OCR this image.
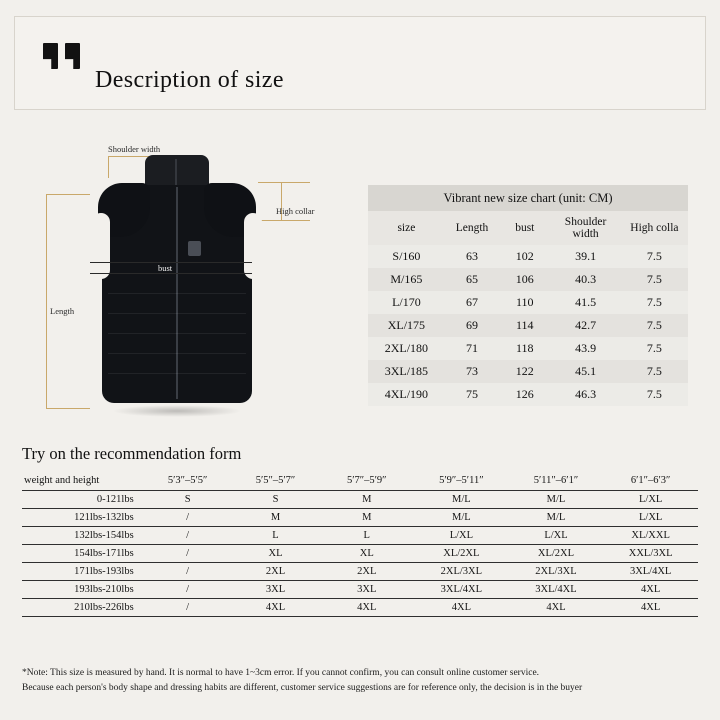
Description of size
Shoulder width
High collar
Length
bust
Vibrant new size chart (unit: CM)
size	Length	bust	Shoulder width	High colla
S/160	63	102	39.1	7.5
M/165	65	106	40.3	7.5
L/170	67	110	41.5	7.5
XL/175	69	114	42.7	7.5
2XL/180	71	118	43.9	7.5
3XL/185	73	122	45.1	7.5
4XL/190	75	126	46.3	7.5
Try on the recommendation form
weight and height	5′3″–5′5″	5′5″–5′7″	5′7″–5′9″	5′9″–5′11″	5′11″–6′1″	6′1″–6′3″
0-121lbs	S	S	M	M/L	M/L	L/XL
121lbs-132lbs	/	M	M	M/L	M/L	L/XL
132lbs-154lbs	/	L	L	L/XL	L/XL	XL/XXL
154lbs-171lbs	/	XL	XL	XL/2XL	XL/2XL	XXL/3XL
171lbs-193lbs	/	2XL	2XL	2XL/3XL	2XL/3XL	3XL/4XL
193lbs-210lbs	/	3XL	3XL	3XL/4XL	3XL/4XL	4XL
210lbs-226lbs	/	4XL	4XL	4XL	4XL	4XL
*Note: This size is measured by hand. It is normal to have 1~3cm error. If you cannot confirm, you can consult online customer service.
Because each person's body shape and dressing habits are different, customer service suggestions are for reference only, the decision is in the buyer
